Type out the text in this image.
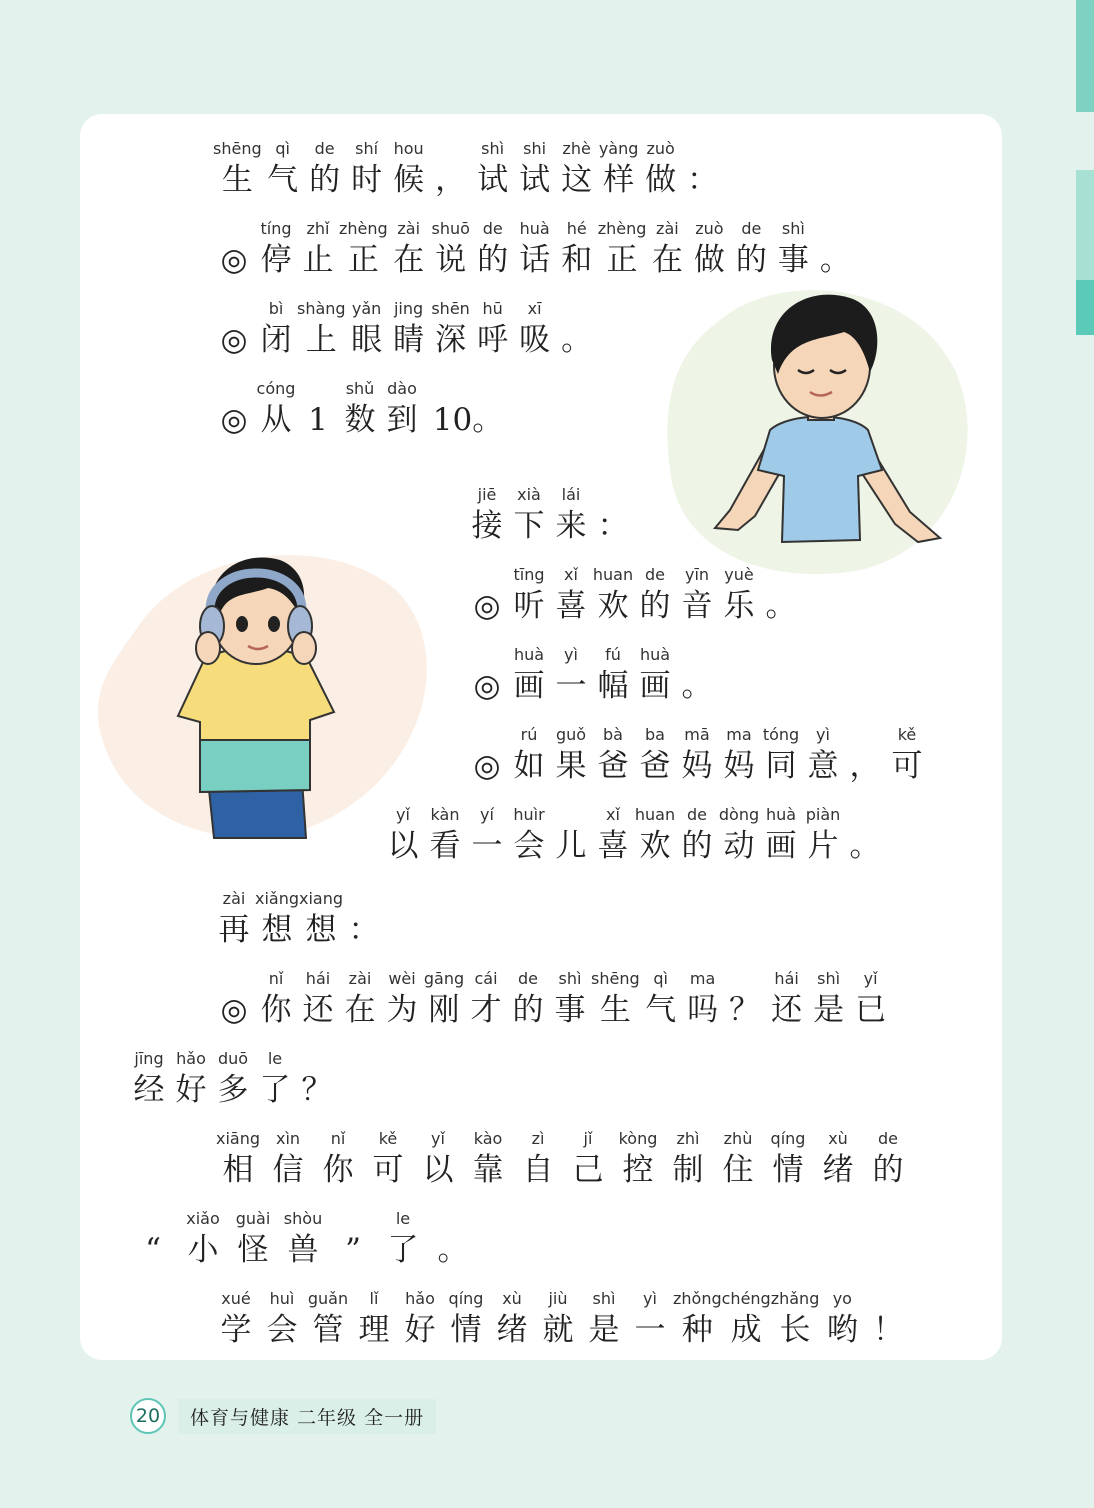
shēng
生
qì
气
de
的
shí
时
hou
候 ，
shì
试
shi
试
zhè
这
yàng
样
zuò
做 ：
◎
tíng
停
zhǐ
止
zhèng
正
zài
在
shuō
说
de
的
huà
话
hé
和
zhèng
正
zài
在
zuò
做
de
的
shì
事 。
◎
bì
闭
shàng
上
yǎn
眼
jing
睛
shēn
深
hū
呼
xī
吸 。
◎
cóng
从 1
shǔ
数
dào
到 10。
jiē
接
xià
下
lái
来 ：
◎
tīng
听
xǐ
喜
huan
欢
de
的
yīn
音
yuè
乐 。
◎
huà
画
yì
一
fú
幅
huà
画 。
◎
rú
如
guǒ
果
bà
爸
ba
爸
mā
妈
ma
妈
tóng
同
yì
意 ，
kě
可
yǐ
以
kàn
看
yí
一
huìr
会 儿
xǐ
喜
huan
欢
de
的
dòng
动
huà
画
piàn
片 。
zài
再
xiǎng
想
xiang
想 ：
◎
nǐ
你
hái
还
zài
在
wèi
为
gāng
刚
cái
才
de
的
shì
事
shēng
生
qì
气
ma
吗 ？
hái
还
shì
是
yǐ
已
jīng
经
hǎo
好
duō
多
le
了 ？
xiāng
相
xìn
信
nǐ
你
kě
可
yǐ
以
kào
靠
zì
自
jǐ
己
kòng
控
zhì
制
zhù
住
qíng
情
xù
绪
de
的
“
xiǎo
小
guài
怪
shòu
兽 ”
le
了 。
xué
学
huì
会
guǎn
管
lǐ
理
hǎo
好
qíng
情
xù
绪
jiù
就
shì
是
yì
一
zhǒng
种
chéng
成
zhǎng
长
yo
哟 ！
20	体育与健康 二年级 全一册
